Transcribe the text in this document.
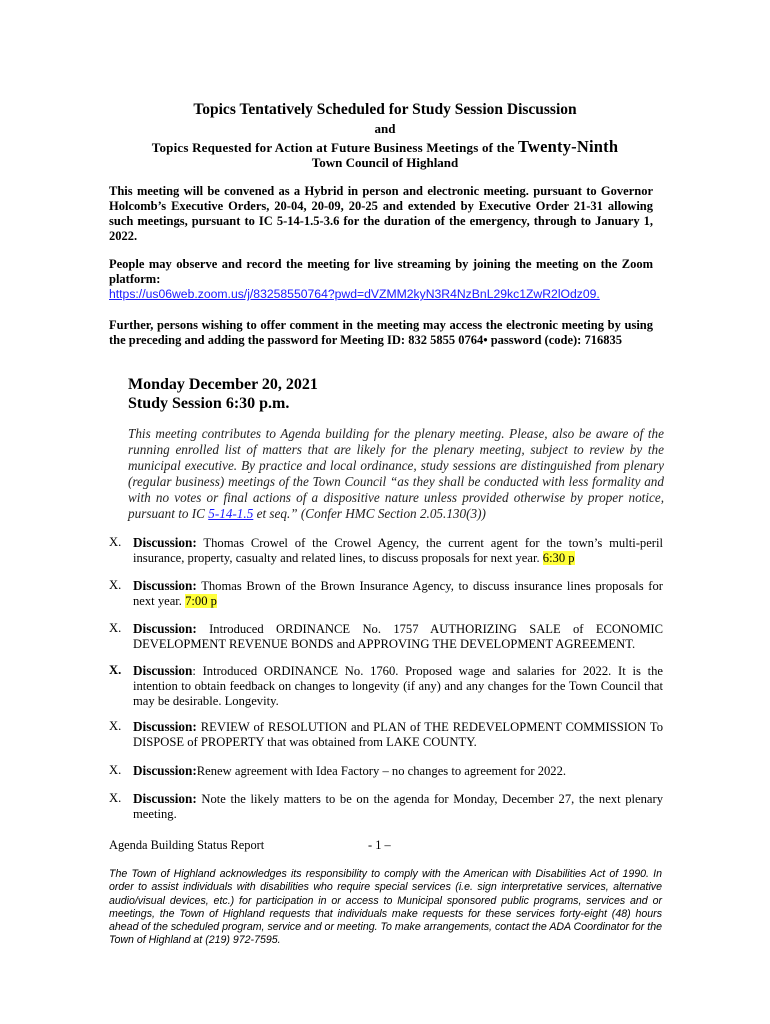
Topics Tentatively Scheduled for Study Session Discussion
and
Topics Requested for Action at Future Business Meetings of the Twenty-Ninth
Town Council of Highland
This meeting will be convened as a Hybrid in person and electronic meeting. pursuant to Governor Holcomb’s Executive Orders, 20-04, 20-09, 20-25 and extended by Executive Order 21-31 allowing such meetings, pursuant to IC 5-14-1.5-3.6 for the duration of the emergency, through to January 1, 2022.
People may observe and record the meeting for live streaming by joining the meeting on the Zoom platform:
https://us06web.zoom.us/j/83258550764?pwd=dVZMM2kyN3R4NzBnL29kc1ZwR2lOdz09.
Further, persons wishing to offer comment in the meeting may access the electronic meeting by using the preceding and adding the password for Meeting ID: 832 5855 0764• password (code): 716835
Monday December 20, 2021
Study Session 6:30 p.m.
This meeting contributes to Agenda building for the plenary meeting. Please, also be aware of the running enrolled list of matters that are likely for the plenary meeting, subject to review by the municipal executive. By practice and local ordinance, study sessions are distinguished from plenary (regular business) meetings of the Town Council “as they shall be conducted with less formality and with no votes or final actions of a dispositive nature unless provided otherwise by proper notice, pursuant to IC 5-14-1.5 et seq.” (Confer HMC Section 2.05.130(3))
X. Discussion: Thomas Crowel of the Crowel Agency, the current agent for the town’s multi-peril insurance, property, casualty and related lines, to discuss proposals for next year. 6:30 p
X. Discussion: Thomas Brown of the Brown Insurance Agency, to discuss insurance lines proposals for next year. 7:00 p
X. Discussion: Introduced ORDINANCE No. 1757 AUTHORIZING SALE of ECONOMIC DEVELOPMENT REVENUE BONDS and APPROVING THE DEVELOPMENT AGREEMENT.
X. Discussion: Introduced ORDINANCE No. 1760. Proposed wage and salaries for 2022. It is the intention to obtain feedback on changes to longevity (if any) and any changes for the Town Council that may be desirable. Longevity.
X. Discussion: REVIEW of RESOLUTION and PLAN of THE REDEVELOPMENT COMMISSION To DISPOSE of PROPERTY that was obtained from LAKE COUNTY.
X. Discussion:Renew agreement with Idea Factory – no changes to agreement for 2022.
X. Discussion: Note the likely matters to be on the agenda for Monday, December 27, the next plenary meeting.
Agenda Building Status Report	- 1 –
The Town of Highland acknowledges its responsibility to comply with the American with Disabilities Act of 1990. In order to assist individuals with disabilities who require special services (i.e. sign interpretative services, alternative audio/visual devices, etc.) for participation in or access to Municipal sponsored public programs, services and or meetings, the Town of Highland requests that individuals make requests for these services forty-eight (48) hours ahead of the scheduled program, service and or meeting. To make arrangements, contact the ADA Coordinator for the Town of Highland at (219) 972-7595.
